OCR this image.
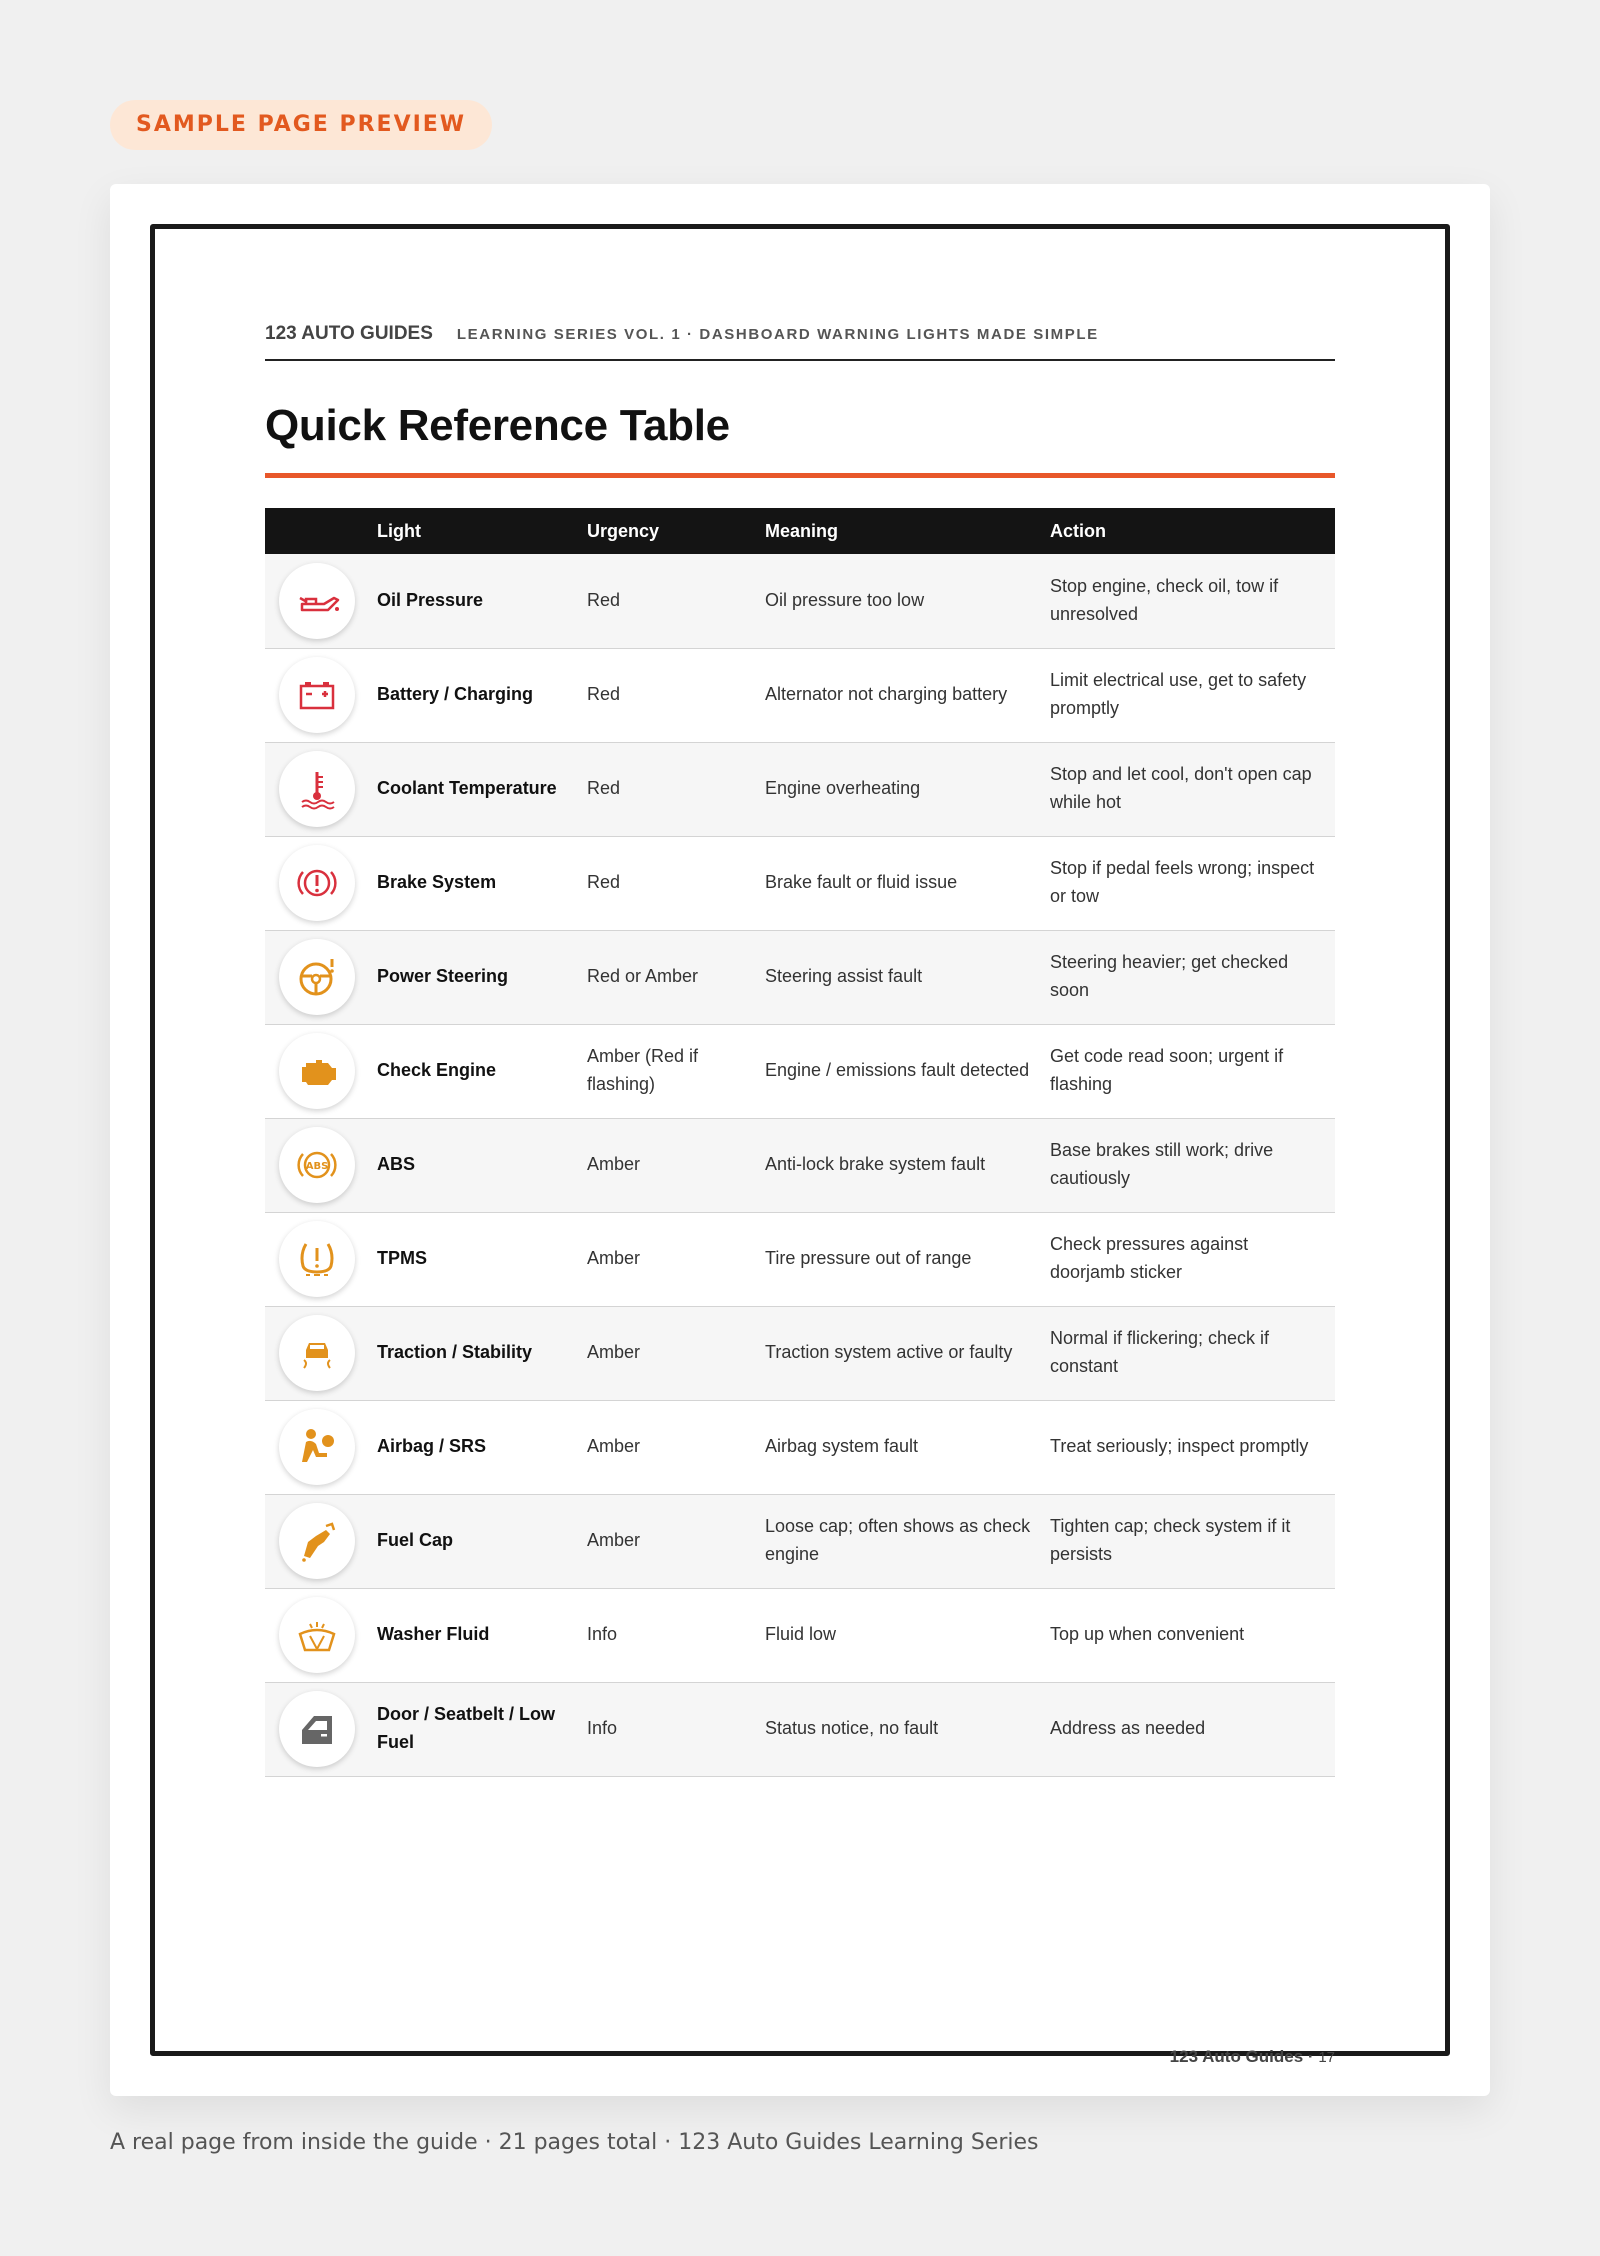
SAMPLE PAGE PREVIEW
123 AUTO GUIDES LEARNING SERIES VOL. 1 · DASHBOARD WARNING LIGHTS MADE SIMPLE
Quick Reference Table
	Light	Urgency	Meaning	Action

	Oil Pressure	Red	Oil pressure too low	Stop engine, check oil, tow if unresolved

	Battery / Charging	Red	Alternator not charging battery	Limit electrical use, get to safety promptly

	Coolant Temperature	Red	Engine overheating	Stop and let cool, don't open cap while hot

	Brake System	Red	Brake fault or fluid issue	Stop if pedal feels wrong; inspect or tow

	Power Steering	Red or Amber	Steering assist fault	Steering heavier; get checked soon

	Check Engine	Amber (Red if flashing)	Engine / emissions fault detected	Get code read soon; urgent if flashing

ABS	ABS	Amber	Anti-lock brake system fault	Base brakes still work; drive cautiously

	TPMS	Amber	Tire pressure out of range	Check pressures against doorjamb sticker

	Traction / Stability	Amber	Traction system active or faulty	Normal if flickering; check if constant

	Airbag / SRS	Amber	Airbag system fault	Treat seriously; inspect promptly

	Fuel Cap	Amber	Loose cap; often shows as check engine	Tighten cap; check system if it persists

	Washer Fluid	Info	Fluid low	Top up when convenient

	Door / Seatbelt / Low Fuel	Info	Status notice, no fault	Address as needed
123 Auto Guides · 17
A real page from inside the guide · 21 pages total · 123 Auto Guides Learning Series
